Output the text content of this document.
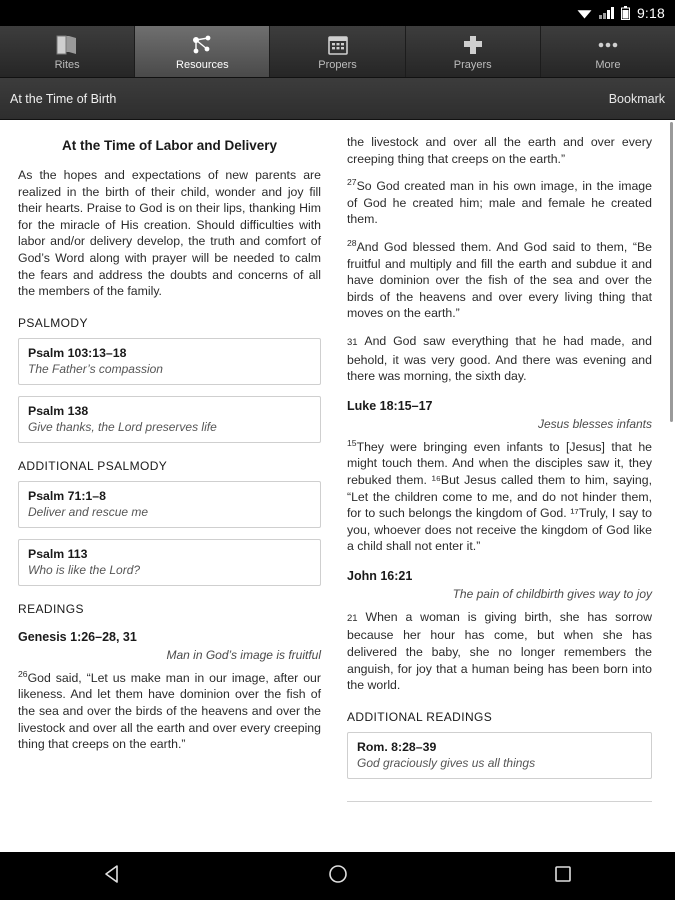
9:18
Rites	Resources	Propers	Prayers	More
At the Time of Birth	Bookmark
At the Time of Labor and Delivery

As the hopes and expectations of new parents are realized in the birth of their child, wonder and joy fill their hearts. Praise to God is on their lips, thanking Him for the miracle of His creation. Should difficulties with labor and/or delivery develop, the truth and comfort of God’s Word along with prayer will be needed to calm the fears and address the doubts and concerns of all the members of the family.

PSALMODY
Psalm 103:13–18
The Father’s compassion
Psalm 138
Give thanks, the Lord preserves life
ADDITIONAL PSALMODY
Psalm 71:1–8
Deliver and rescue me
Psalm 113
Who is like the Lord?
READINGS
Genesis 1:26–28, 31
Man in God’s image is fruitful

$^{26}$God said, “Let us make man in our image, after our likeness. And let them have dominion over the fish of the sea and over the birds of the heavens and over the livestock and over all the earth and over every creeping thing that creeps on the earth.”

the livestock and over all the earth and over every creeping thing that creeps on the earth.”

$^{27}$So God created man in his own image, in the image of God he created him; male and female he created them.

$^{28}$And God blessed them. And God said to them, “Be fruitful and multiply and fill the earth and subdue it and have dominion over the fish of the sea and over the birds of the heavens and over every living thing that moves on the earth.”

31 And God saw everything that he had made, and behold, it was very good. And there was evening and there was morning, the sixth day.

Luke 18:15–17
Jesus blesses infants

$^{15}$They were bringing even infants to [Jesus] that he might touch them. And when the disciples saw it, they rebuked them. ¹⁶But Jesus called them to him, saying, “Let the children come to me, and do not hinder them, for to such belongs the kingdom of God. ¹⁷Truly, I say to you, whoever does not receive the kingdom of God like a child shall not enter it.”

John 16:21
The pain of childbirth gives way to joy

21 When a woman is giving birth, she has sorrow because her hour has come, but when she has delivered the baby, she no longer remembers the anguish, for joy that a human being has been born into the world.

ADDITIONAL READINGS
Rom. 8:28–39
God graciously gives us all things
